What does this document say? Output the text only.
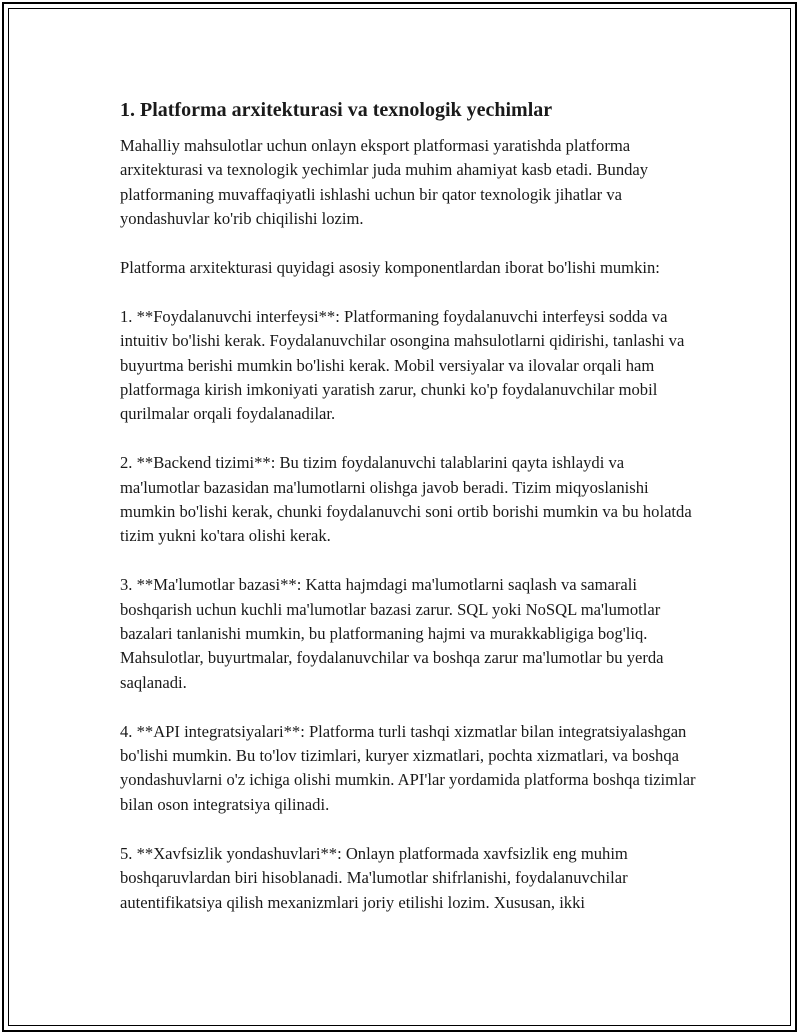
1. Platforma arxitekturasi va texnologik yechimlar

Mahalliy mahsulotlar uchun onlayn eksport platformasi yaratishda platforma arxitekturasi va texnologik yechimlar juda muhim ahamiyat kasb etadi. Bunday platformaning muvaffaqiyatli ishlashi uchun bir qator texnologik jihatlar va yondashuvlar ko'rib chiqilishi lozim.

Platforma arxitekturasi quyidagi asosiy komponentlardan iborat bo'lishi mumkin:

1. **Foydalanuvchi interfeysi**: Platformaning foydalanuvchi interfeysi sodda va intuitiv bo'lishi kerak. Foydalanuvchilar osongina mahsulotlarni qidirishi, tanlashi va buyurtma berishi mumkin bo'lishi kerak. Mobil versiyalar va ilovalar orqali ham platformaga kirish imkoniyati yaratish zarur, chunki ko'p foydalanuvchilar mobil qurilmalar orqali foydalanadilar.

2. **Backend tizimi**: Bu tizim foydalanuvchi talablarini qayta ishlaydi va ma'lumotlar bazasidan ma'lumotlarni olishga javob beradi. Tizim miqyoslanishi mumkin bo'lishi kerak, chunki foydalanuvchi soni ortib borishi mumkin va bu holatda tizim yukni ko'tara olishi kerak.

3. **Ma'lumotlar bazasi**: Katta hajmdagi ma'lumotlarni saqlash va samarali boshqarish uchun kuchli ma'lumotlar bazasi zarur. SQL yoki NoSQL ma'lumotlar bazalari tanlanishi mumkin, bu platformaning hajmi va murakkabligiga bog'liq. Mahsulotlar, buyurtmalar, foydalanuvchilar va boshqa zarur ma'lumotlar bu yerda saqlanadi.

4. **API integratsiyalari**: Platforma turli tashqi xizmatlar bilan integratsiyalashgan bo'lishi mumkin. Bu to'lov tizimlari, kuryer xizmatlari, pochta xizmatlari, va boshqa yondashuvlarni o'z ichiga olishi mumkin. API'lar yordamida platforma boshqa tizimlar bilan oson integratsiya qilinadi.

5. **Xavfsizlik yondashuvlari**: Onlayn platformada xavfsizlik eng muhim boshqaruvlardan biri hisoblanadi. Ma'lumotlar shifrlanishi, foydalanuvchilar autentifikatsiya qilish mexanizmlari joriy etilishi lozim. Xususan, ikki
